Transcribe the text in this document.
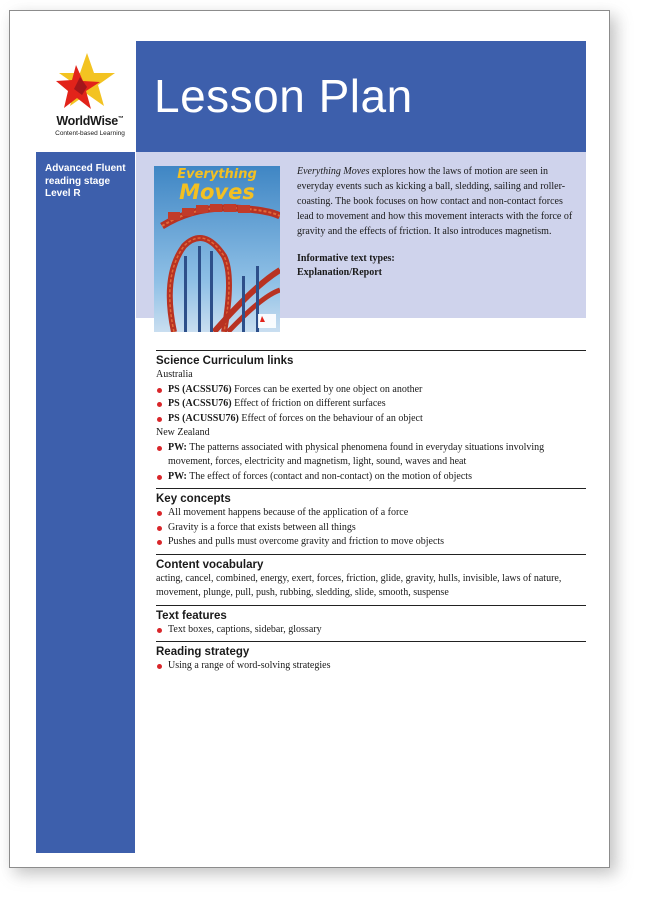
WorldWise™
Content-based Learning
Lesson Plan
Advanced Fluent
reading stage
Level R
Everything
Moves
Everything Moves explores how the laws of motion are seen in everyday events such as kicking a ball, sledding, sailing and roller-coasting. The book focuses on how contact and non-contact forces lead to movement and how this movement interacts with the force of gravity and the effects of friction. It also introduces magnetism.
Informative text types:
Explanation/Report
Science Curriculum links
Australia
PS (ACSSU76) Forces can be exerted by one object on another
PS (ACSSU76) Effect of friction on different surfaces
PS (ACUSSU76) Effect of forces on the behaviour of an object
New Zealand
PW: The patterns associated with physical phenomena found in everyday situations involving movement, forces, electricity and magnetism, light, sound, waves and heat
PW: The effect of forces (contact and non-contact) on the motion of objects
Key concepts
All movement happens because of the application of a force
Gravity is a force that exists between all things
Pushes and pulls must overcome gravity and friction to move objects
Content vocabulary
acting, cancel, combined, energy, exert, forces, friction, glide, gravity, hulls, invisible, laws of nature, movement, plunge, pull, push, rubbing, sledding, slide, smooth, suspense
Text features
Text boxes, captions, sidebar, glossary
Reading strategy
Using a range of word-solving strategies
